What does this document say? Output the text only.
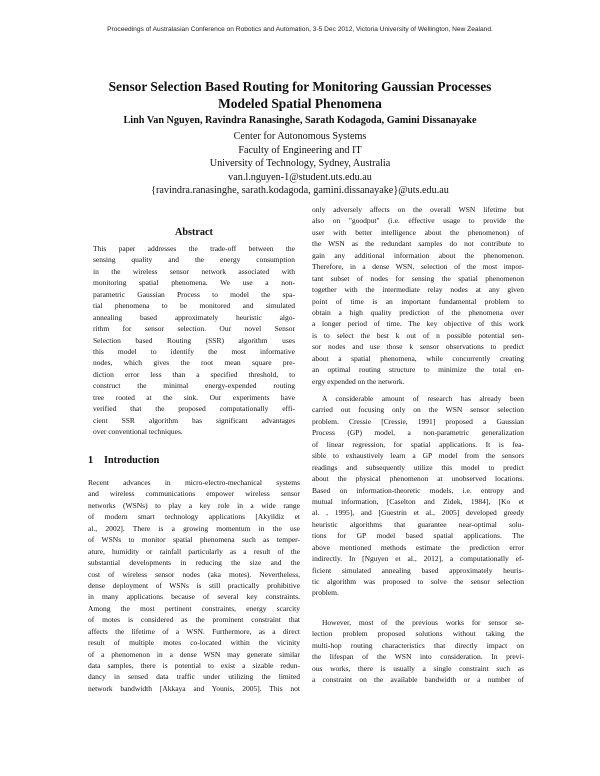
Proceedings of Australasian Conference on Robotics and Automation, 3-5 Dec 2012, Victoria University of Wellington, New Zealand.
Sensor Selection Based Routing for Monitoring Gaussian Processes
Modeled Spatial Phenomena
Linh Van Nguyen, Ravindra Ranasinghe, Sarath Kodagoda, Gamini Dissanayake
Center for Autonomous Systems
Faculty of Engineering and IT
University of Technology, Sydney, Australia
van.l.nguyen-1@student.uts.edu.au
{ravindra.ranasinghe, sarath.kodagoda, gamini.dissanayake}@uts.edu.au
Abstract
This paper addresses the trade-off between the
sensing quality and the energy consumption
in the wireless sensor network associated with
monitoring spatial phenomena. We use a non-
parametric Gaussian Process to model the spa-
tial phenomena to be monitored and simulated
annealing based approximately heuristic algo-
rithm for sensor selection. Our novel Sensor
Selection based Routing (SSR) algorithm uses
this model to identify the most informative
nodes, which gives the root mean square pre-
diction error less than a specified threshold, to
construct the minimal energy-expended routing
tree rooted at the sink. Our experiments have
verified that the proposed computationally effi-
cient SSR algorithm has significant advantages
over conventional techniques.
1 Introduction
Recent advances in micro-electro-mechanical systems
and wireless communications empower wireless sensor
networks (WSNs) to play a key role in a wide range
of modern smart technology applications [Akyildiz et
al., 2002]. There is a growing momentum in the use
of WSNs to monitor spatial phenomena such as temper-
ature, humidity or rainfall particularly as a result of the
substantial developments in reducing the size and the
cost of wireless sensor nodes (aka motes). Nevertheless,
dense deployment of WSNs is still practically prohibitive
in many applications because of several key constraints.
Among the most pertinent constraints, energy scarcity
of motes is considered as the prominent constraint that
affects the lifetime of a WSN. Furthermore, as a direct
result of multiple motes co-located within the vicinity
of a phenomenon in a dense WSN may generate similar
data samples, there is potential to exist a sizable redun-
dancy in sensed data traffic under utilizing the limited
network bandwidth [Akkaya and Younis, 2005]. This not
only adversely affects on the overall WSN lifetime but
also on "goodput" (i.e. effective usage to provide the
user with better intelligence about the phenomenon) of
the WSN as the redundant samples do not contribute to
gain any additional information about the phenomenon.
Therefore, in a dense WSN, selection of the most impor-
tant subset of nodes for sensing the spatial phenomenon
together with the intermediate relay nodes at any given
point of time is an important fundamental problem to
obtain a high quality prediction of the phenomena over
a longer period of time. The key objective of this work
is to select the best k out of n possible potential sen-
sor nodes and use those k sensor observations to predict
about a spatial phenomena, while concurrently creating
an optimal routing structure to minimize the total en-
ergy expended on the network.
A considerable amount of research has already been
carried out focusing only on the WSN sensor selection
problem. Cressie [Cressie, 1991] proposed a Gaussian
Process (GP) model, a non-parametric generalization
of linear regression, for spatial applications. It is fea-
sible to exhaustively learn a GP model from the sensors
readings and subsequently utilize this model to predict
about the physical phenomenon at unobserved locations.
Based on information-theoretic models, i.e. entropy and
mutual information, [Caselton and Zidek, 1984], [Ko et
al. , 1995], and [Guestrin et al., 2005] developed greedy
heuristic algorithms that guarantee near-optimal solu-
tions for GP model based spatial applications. The
above mentioned methods estimate the prediction error
indirectly. In [Nguyen et al., 2012], a computationally ef-
ficient simulated annealing based approximately heuris-
tic algorithm was proposed to solve the sensor selection
problem.
However, most of the previous works for sensor se-
lection problem proposed solutions without taking the
multi-hop routing characteristics that directly impact on
the lifespan of the WSN into consideration. In previ-
ous works, there is usually a single constraint such as
a constraint on the available bandwidth or a number of
